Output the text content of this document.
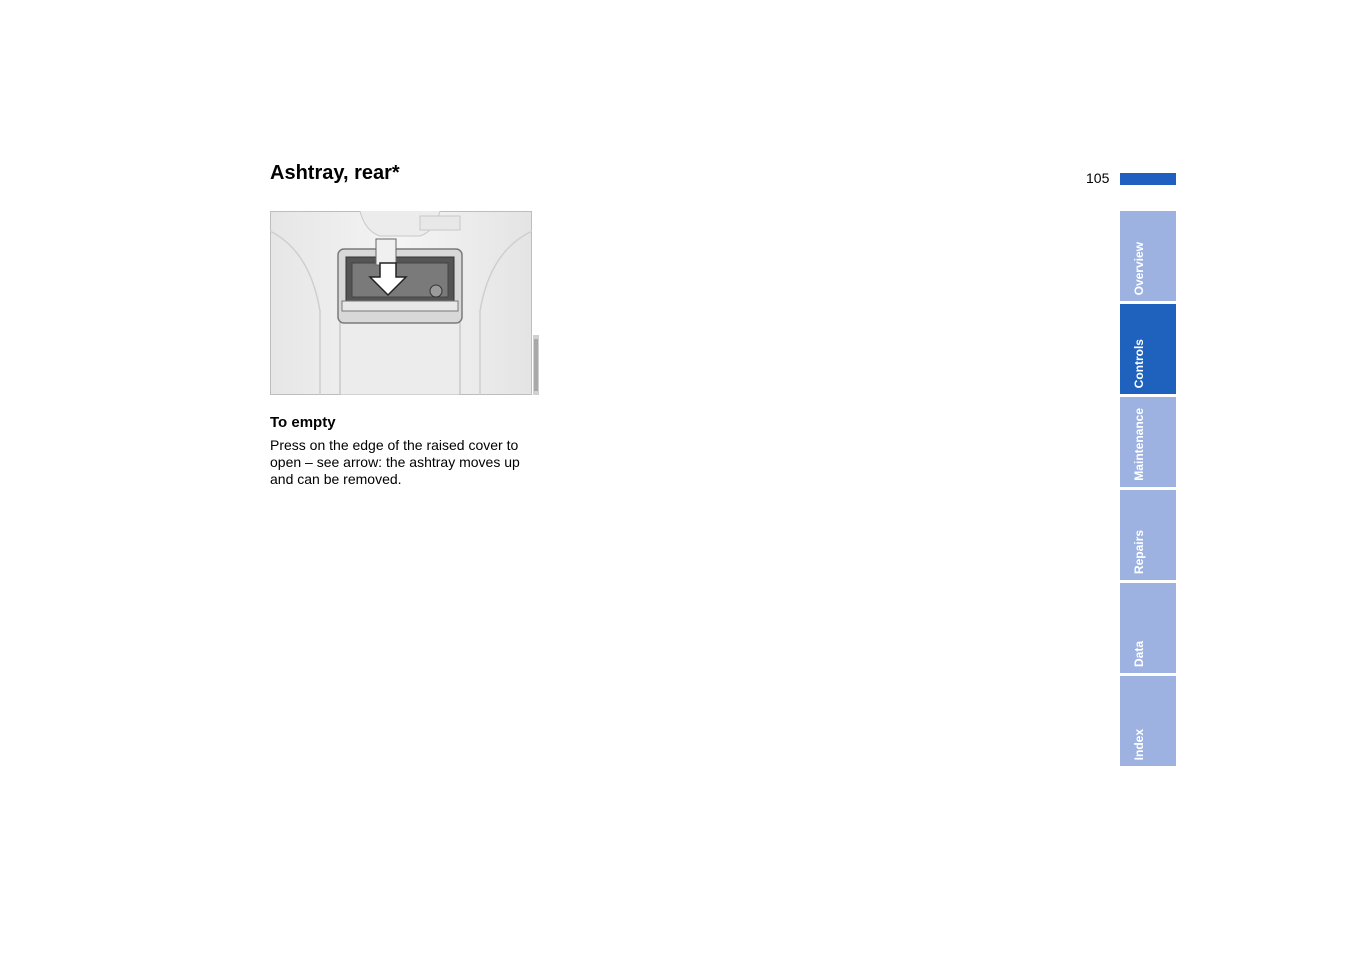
Ashtray, rear*	105
To empty

Press on the edge of the raised cover to open – see arrow: the ashtray moves up and can be removed.

Overview
Controls
Maintenance
Repairs
Data
Index
